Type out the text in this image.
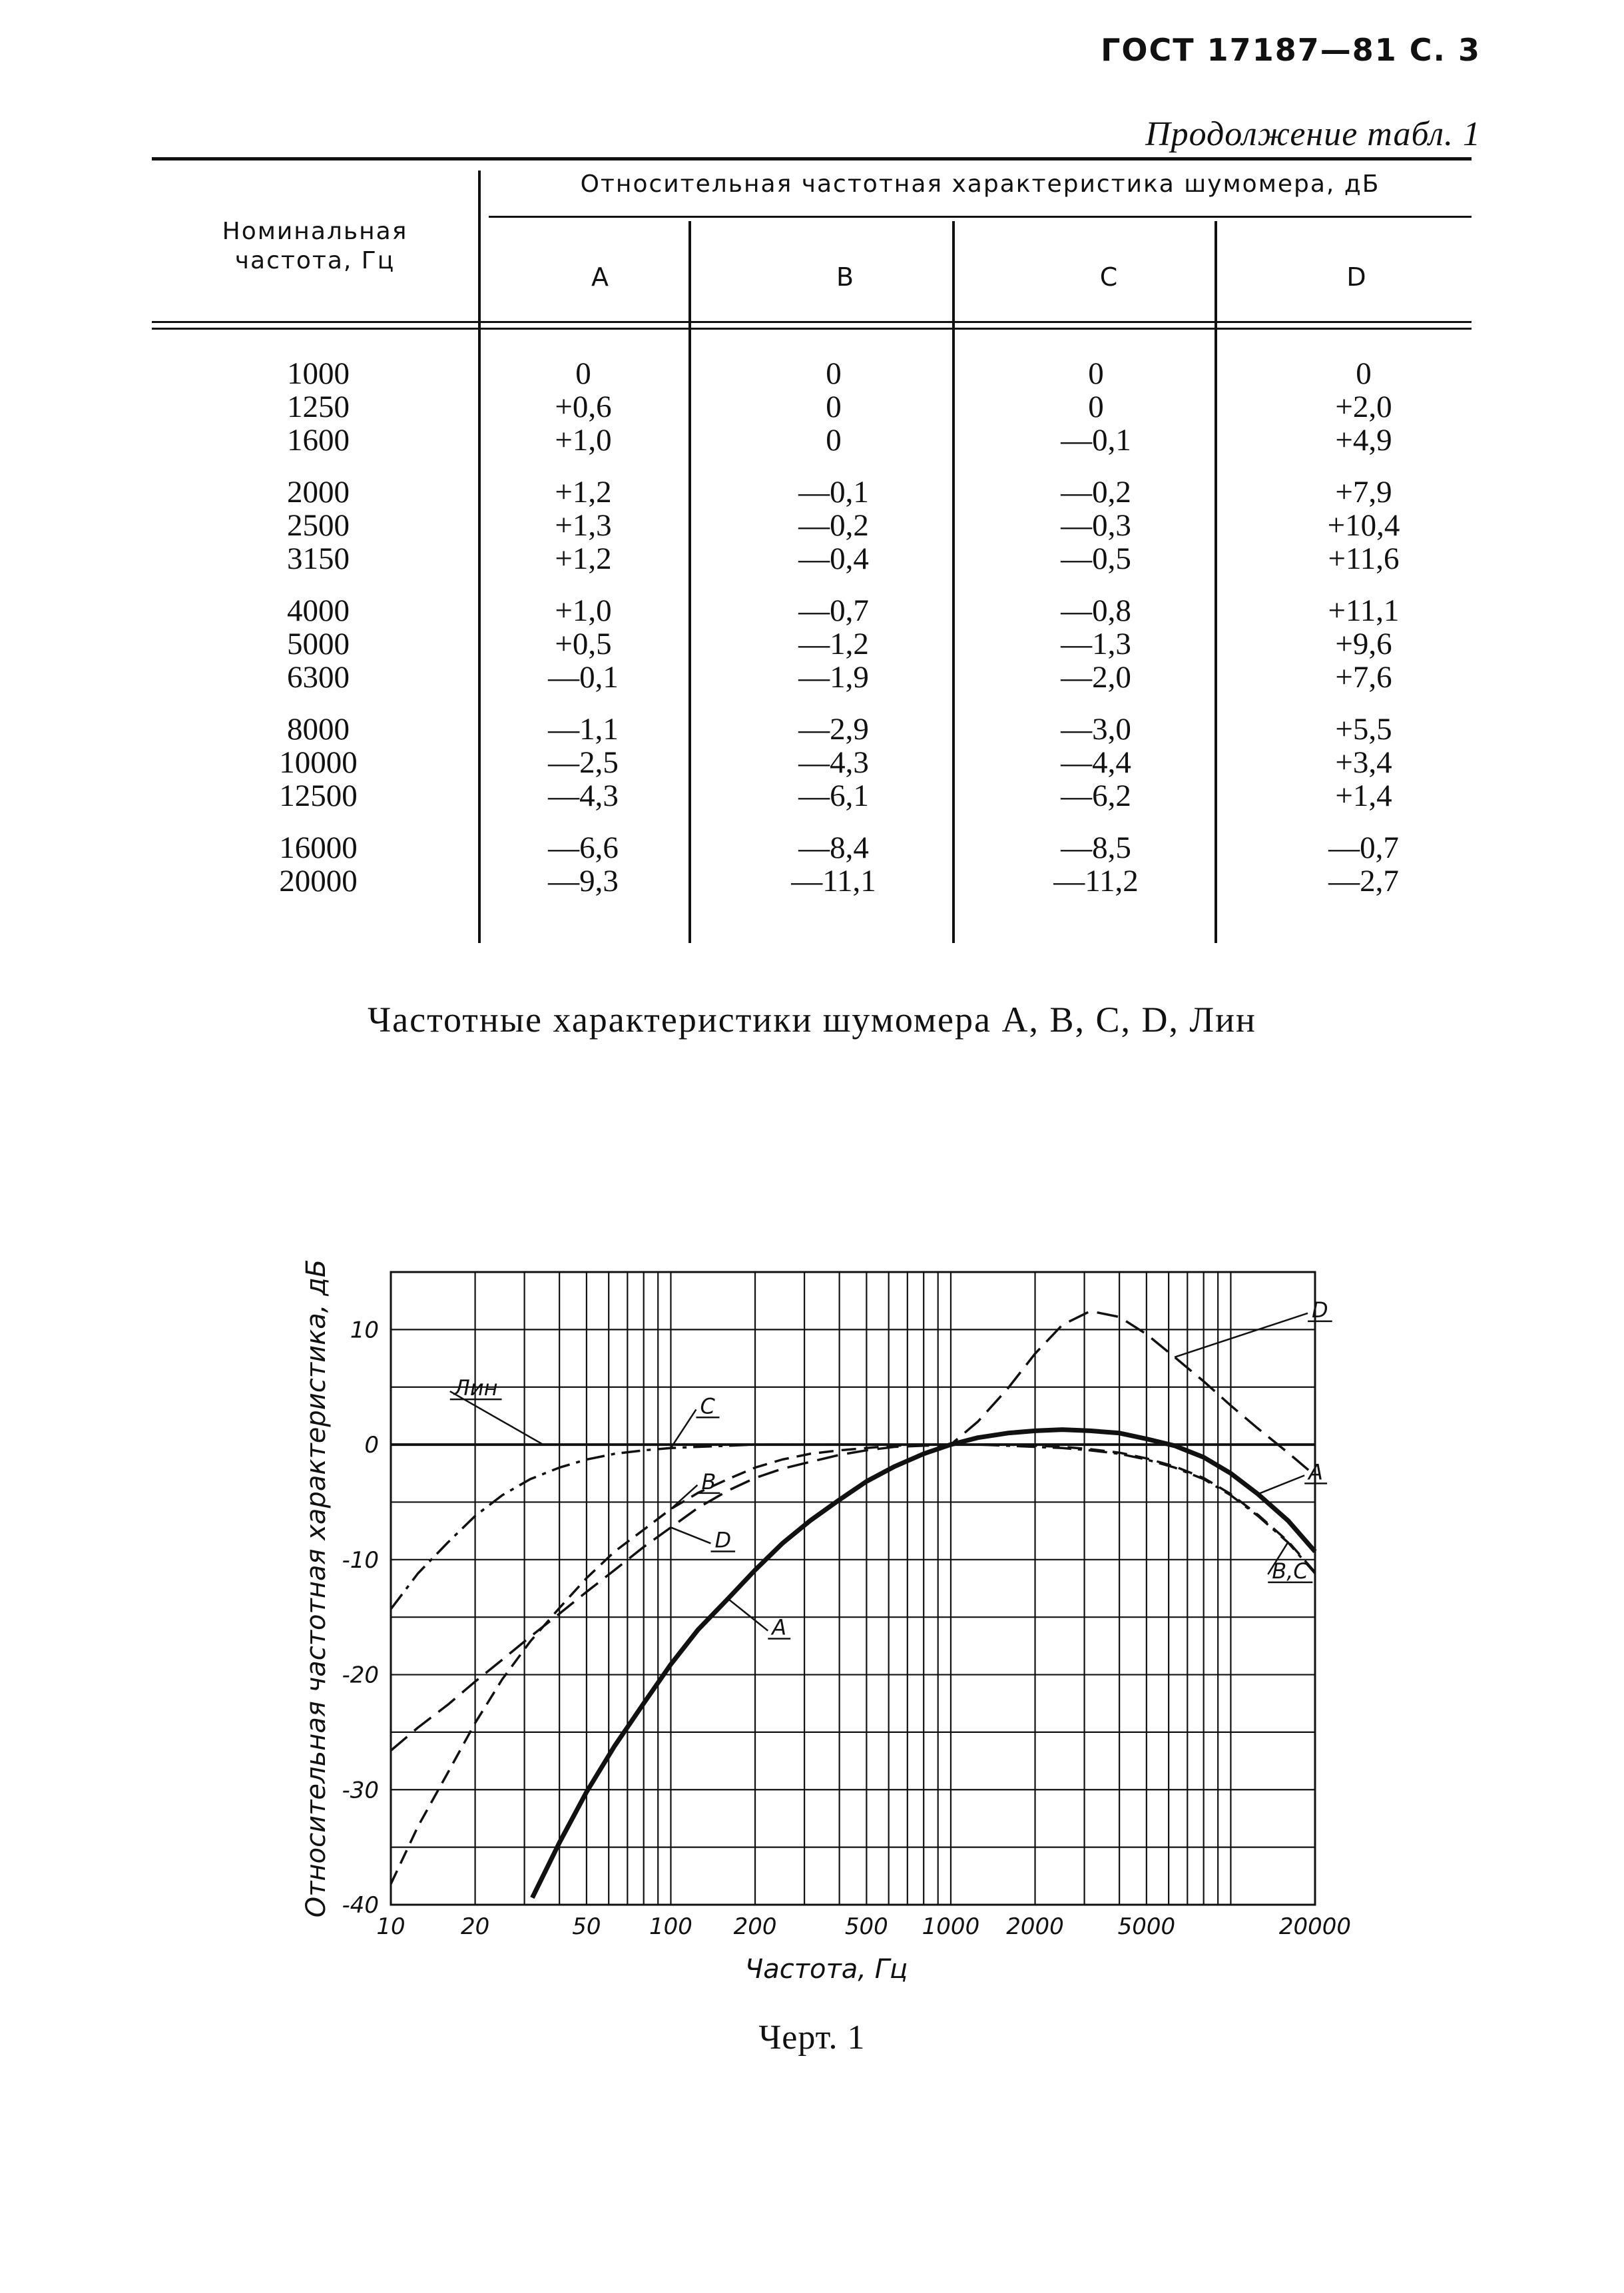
ГОСТ 17187—81 С. 3
Продолжение табл. 1
Номинальная
частота, Гц
Относительная частотная характеристика шумомера, дБ
A	B	C	D
1000	0	0	0	0
1250	+0,6	0	0	+2,0
1600	+1,0	0	—0,1	+4,9
2000	+1,2	—0,1	—0,2	+7,9
2500	+1,3	—0,2	—0,3	+10,4
3150	+1,2	—0,4	—0,5	+11,6
4000	+1,0	—0,7	—0,8	+11,1
5000	+0,5	—1,2	—1,3	+9,6
6300	—0,1	—1,9	—2,0	+7,6
8000	—1,1	—2,9	—3,0	+5,5
10000	—2,5	—4,3	—4,4	+3,4
12500	—4,3	—6,1	—6,2	+1,4
16000	—6,6	—8,4	—8,5	—0,7
20000	—9,3	—11,1	—11,2	—2,7
Частотные характеристики шумомера А, В, С, D, Лин
10 20	50 100 200	500 1000 2000 5000	20000
10
0
-10
-20
-30
-40
Частота, Гц
Относительная частотная характеристика, дБ	Лин
C
B
D
A
D
A
B,C
Черт. 1
